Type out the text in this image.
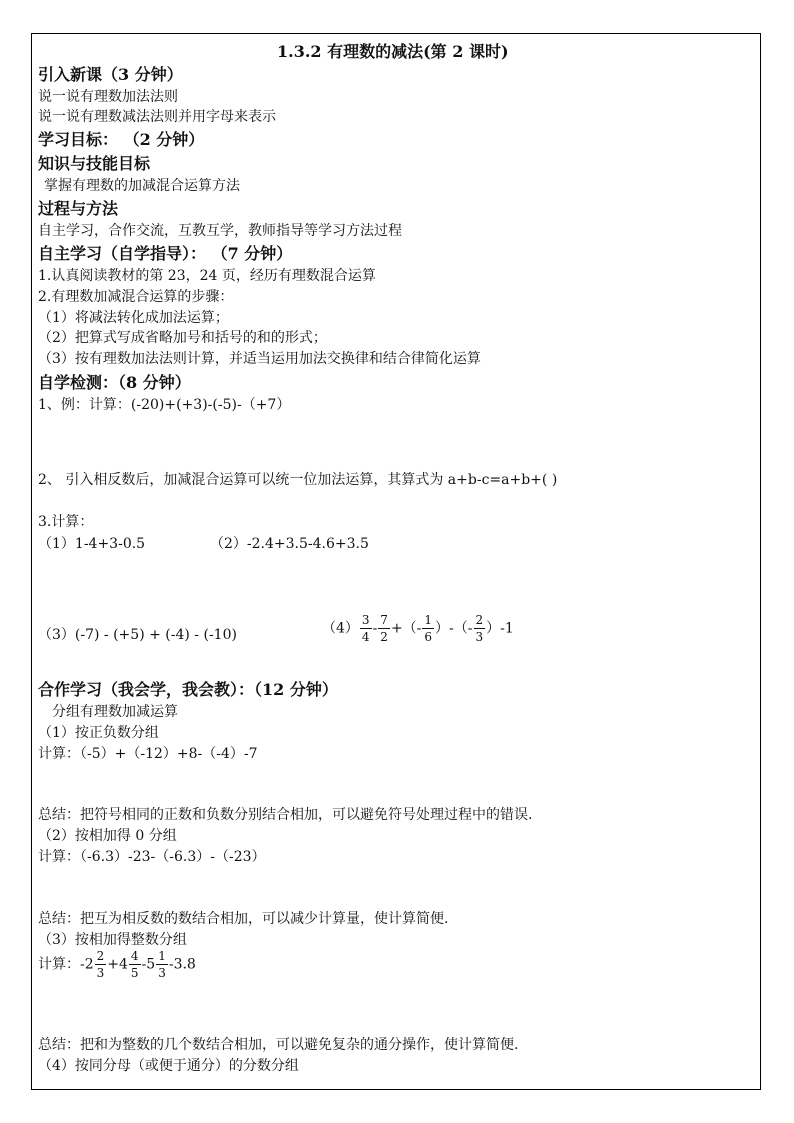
1.3.2 有理数的减法(第 2 课时)
引入新课（3 分钟）
说一说有理数加法法则
说一说有理数减法法则并用字母来表示
学习目标： （2 分钟）
知识与技能目标
掌握有理数的加减混合运算方法
过程与方法
自主学习，合作交流，互教互学，教师指导等学习方法过程
自主学习（自学指导）： （7 分钟）
1.认真阅读教材的第 23，24 页，经历有理数混合运算
2.有理数加减混合运算的步骤：
（1）将减法转化成加法运算；
（2）把算式写成省略加号和括号的和的形式；
（3）按有理数加法法则计算，并适当运用加法交换律和结合律简化运算
自学检测：（8 分钟）
1、例：计算：(-20)+(+3)-(-5)-（+7）
2、 引入相反数后，加减混合运算可以统一位加法运算，其算式为 a+b-c=a+b+( )
3.计算：
（1）1-4+3-0.5	（2）-2.4+3.5-4.6+3.5
（3）(-7) - (+5) + (-4) - (-10)	$(4) \frac{3}{4} - \frac{7}{2}$ +（- $\frac{1}{6}$ ）-（- $\frac{2}{3} )-1$
合作学习（我会学，我会教）：（12 分钟）
分组有理数加减运算
（1）按正负数分组
计算：（-5）+（-12）+8-（-4）-7
总结：把符号相同的正数和负数分别结合相加，可以避免符号处理过程中的错误.
（2）按相加得 0 分组
计算：（-6.3）-23-（-6.3）-（-23）
总结：把互为相反数的数结合相加，可以减少计算量，使计算简便.
（3）按相加得整数分组
计算：$-2 \frac{2}{3} +4 \frac{4}{5} -5 \frac{1}{3} -3.8$
总结：把和为整数的几个数结合相加，可以避免复杂的通分操作，使计算简便.
（4）按同分母（或便于通分）的分数分组
